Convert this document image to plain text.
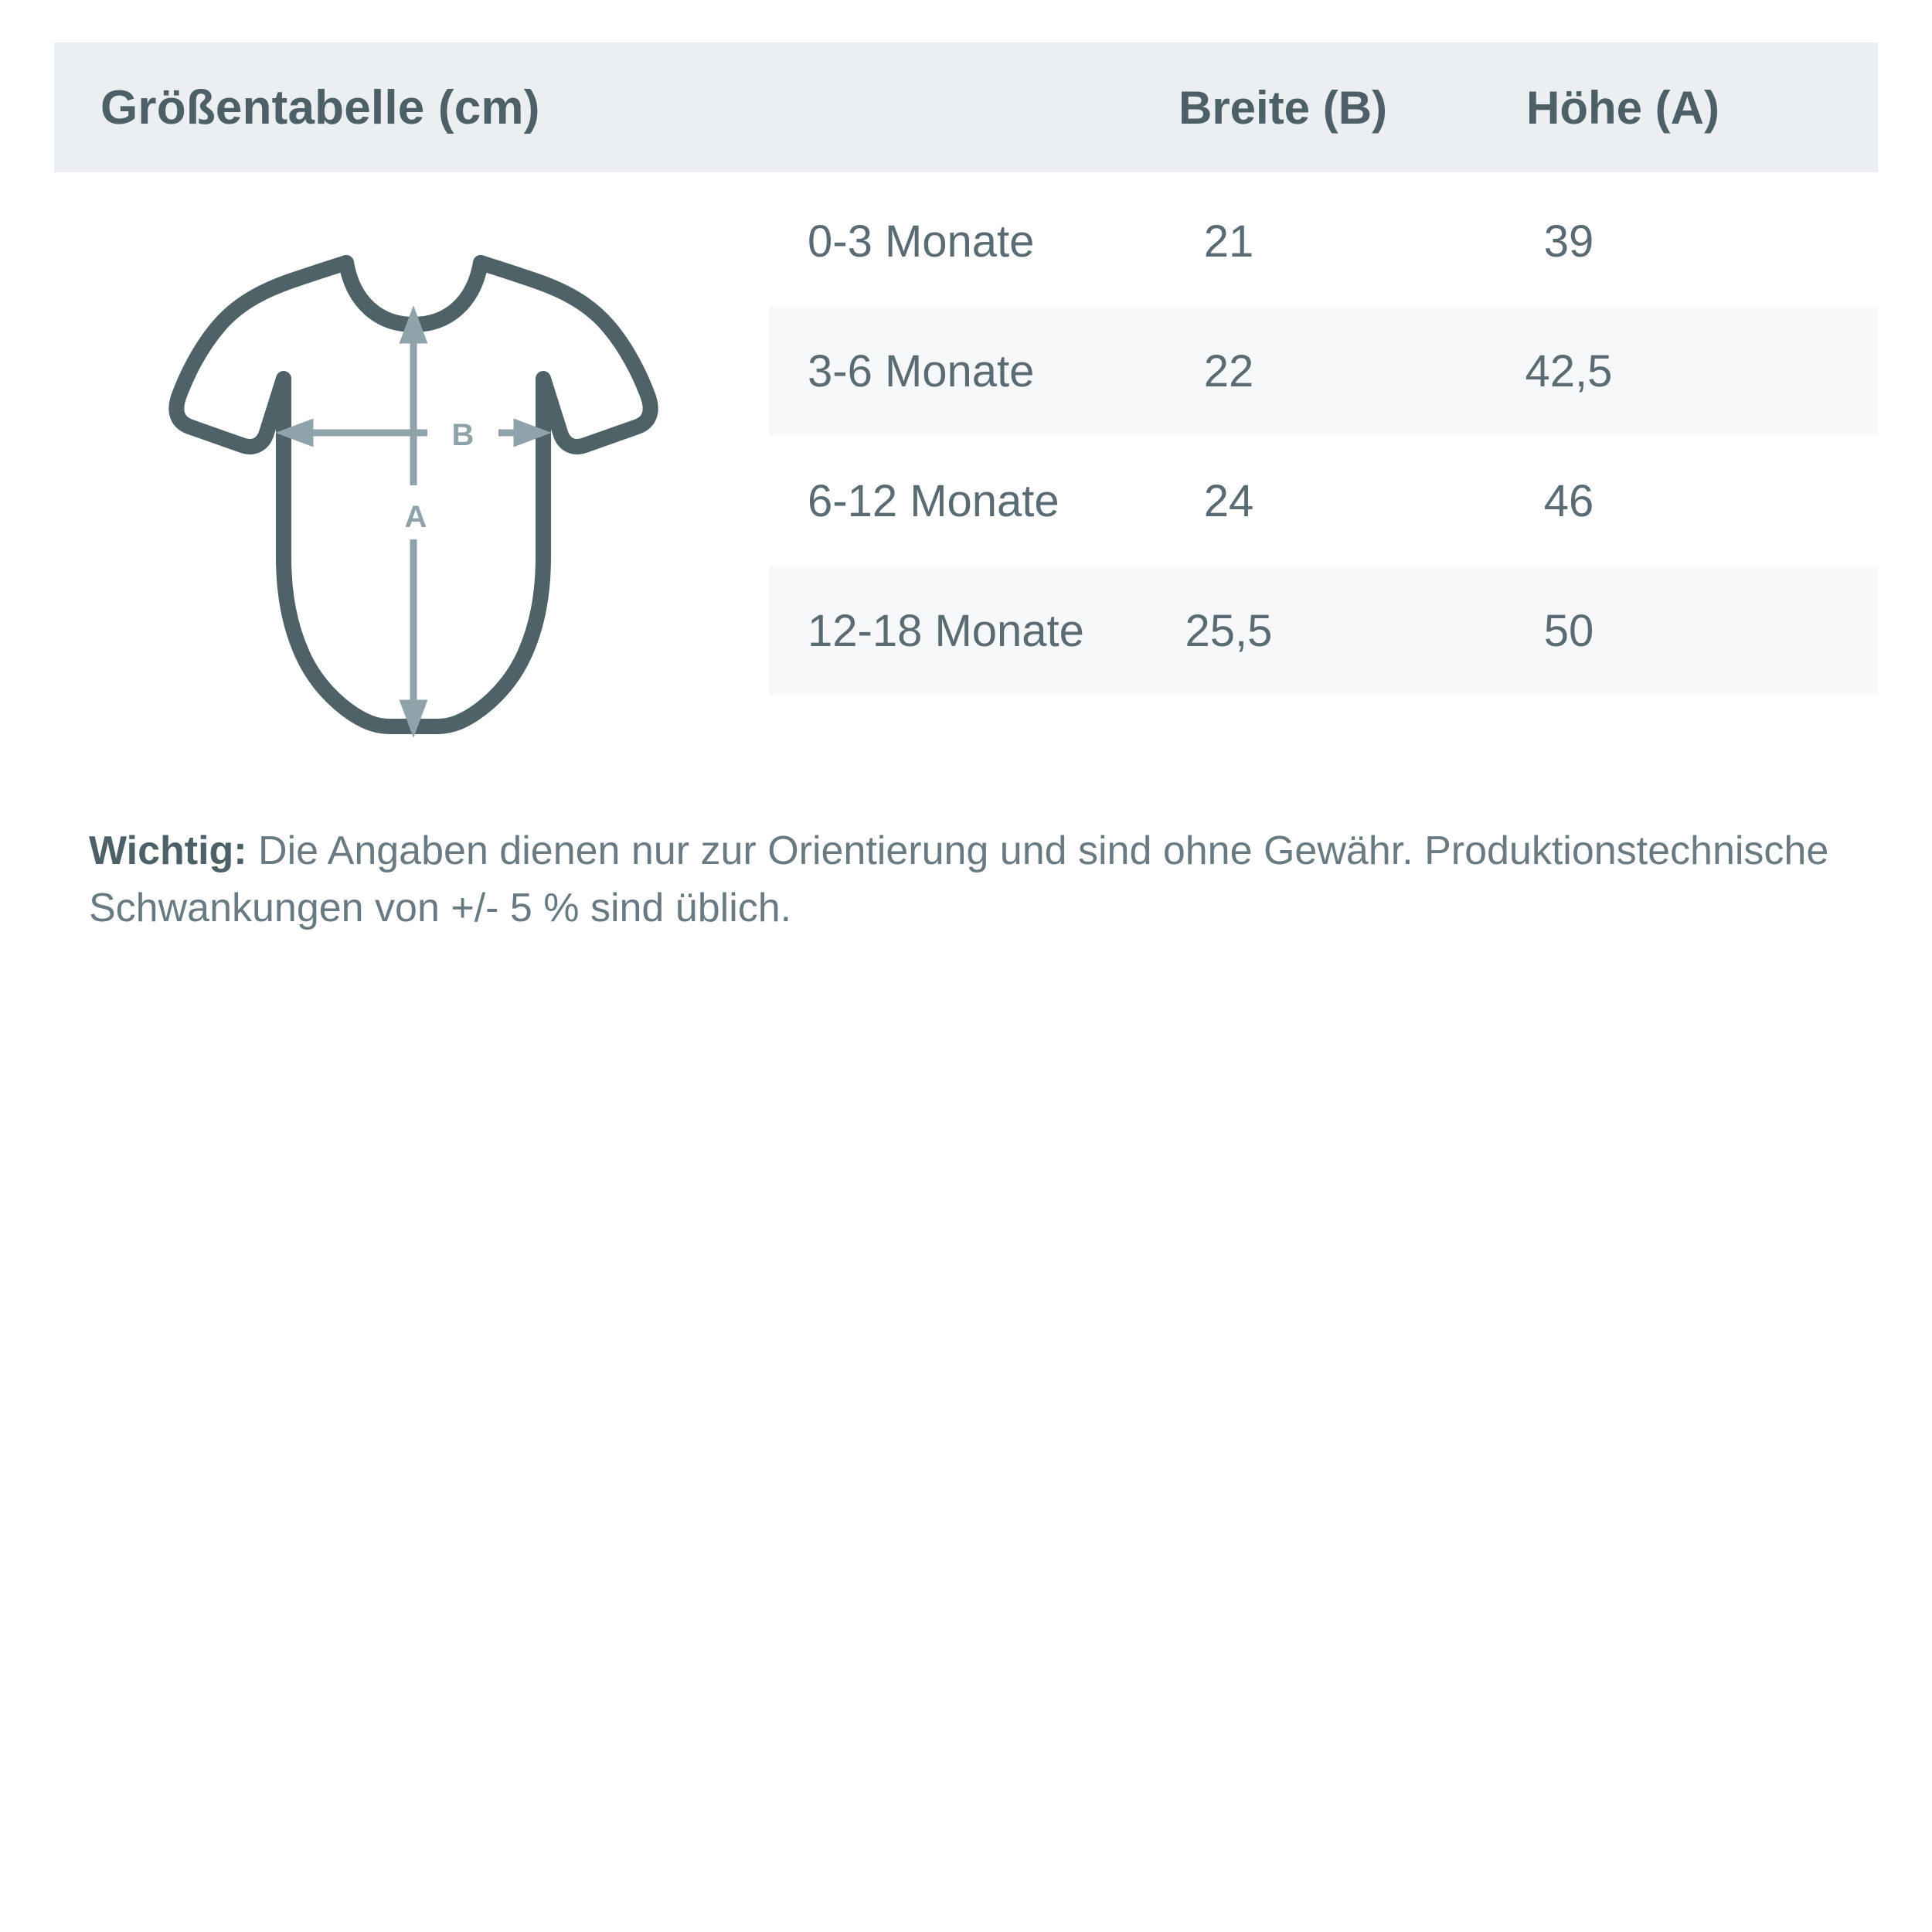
Größentabelle (cm)	Breite (B)	Höhe (A)
0-3 Monate	21	39
3-6 Monate	22	42,5
6-12 Monate	24	46
12-18 Monate	25,5	50
B
A
Wichtig: Die Angaben dienen nur zur Orientierung und sind ohne Gewähr. Produktionstechnische Schwankungen von +/- 5 % sind üblich.
